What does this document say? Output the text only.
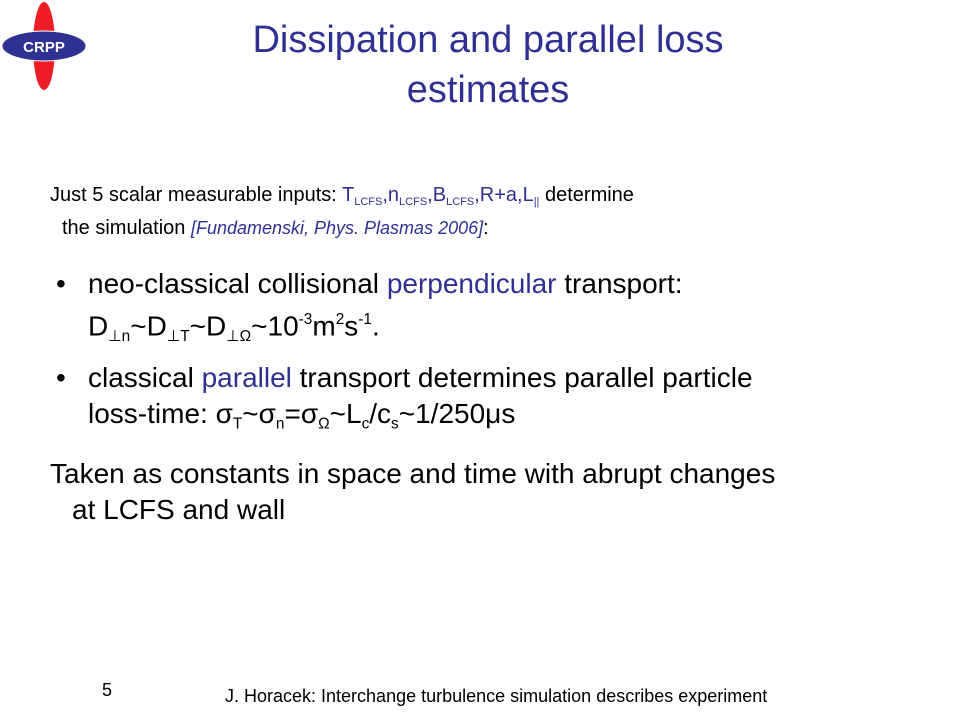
CRPP	Dissipation and parallel loss
estimates
Just 5 scalar measurable inputs: $T_{LCFS},n_{LCFS},B_{LCFS},R+a,L_{||}$ determine
the simulation [Fundamenski, Phys. Plasmas 2006]:
• neo-classical collisional perpendicular transport:
$D_{\perp n}\sim D_{\perp T}\sim D_{\perp\Omega}\sim 10^{-3}m^2s^{-1}$.
• classical parallel transport determines parallel particle
loss-time: $\sigma_T\sim\sigma_n=\sigma_\Omega\sim L_c/c_s\sim 1/250\mu s$
Taken as constants in space and time with abrupt changes
at LCFS and wall
5	J. Horacek: Interchange turbulence simulation describes experiment
